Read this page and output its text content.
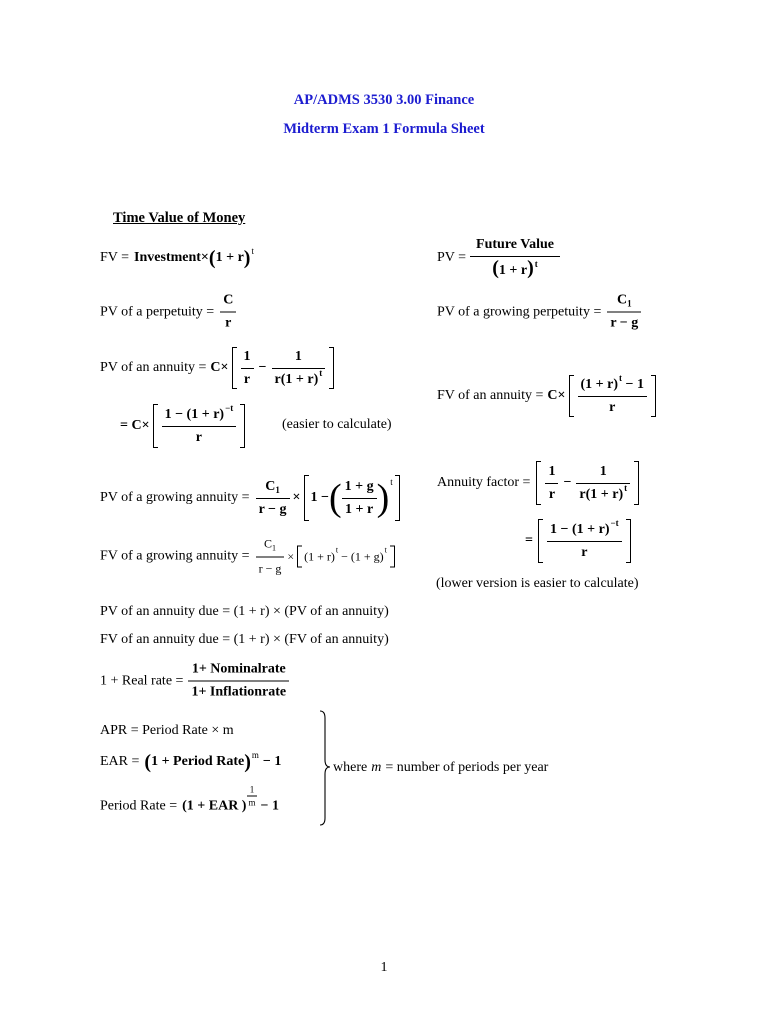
AP/ADMS 3530 3.00 Finance
Midterm Exam 1 Formula Sheet
Time Value of Money
FV = Investment× ( 1 + r ) t	PV = $\frac{\text{Future Value}}{(1 + r)^t}$
PV of a perpetuity = $\frac{C}{r}$	PV of a growing perpetuity = $\frac{C_1}{r - g}$
PV of an annuity = $C\times \frac{1}{r} - \frac{1}{r(1 + r)^t}$
FV of an annuity = $C\times \frac{(1 + r)^t - 1}{r}$
= $C\times \frac{1 - (1 + r)^{-t}}{r}$	(easier to calculate)
Annuity factor = $\frac{1}{r} - \frac{1}{r(1 + r)^t}$
PV of a growing annuity = $\frac{C_1}{r - g} \times 1$ − ( $\frac{1 + g}{1 + r}$ ) t
= $\frac{1 - (1 + r)^{-t}}{r}$
(lower version is easier to calculate)
FV of a growing annuity = $\frac{C_1}{r - g} \times (1 + r) t - (1 + g)$ t
PV of an annuity due = (1 + r) × (PV of an annuity)
FV of an annuity due = (1 + r) × (FV of an annuity)
1 + Real rate = $\frac{\text{1+ Nominalrate}}{\text{1+ Inflationrate}}$
APR = Period Rate × m
EAR = ( 1 + Period Rate ) m − 1
Period Rate = (1 + EAR ) $\frac{1}{m} - 1$
where m = number of periods per year
1
